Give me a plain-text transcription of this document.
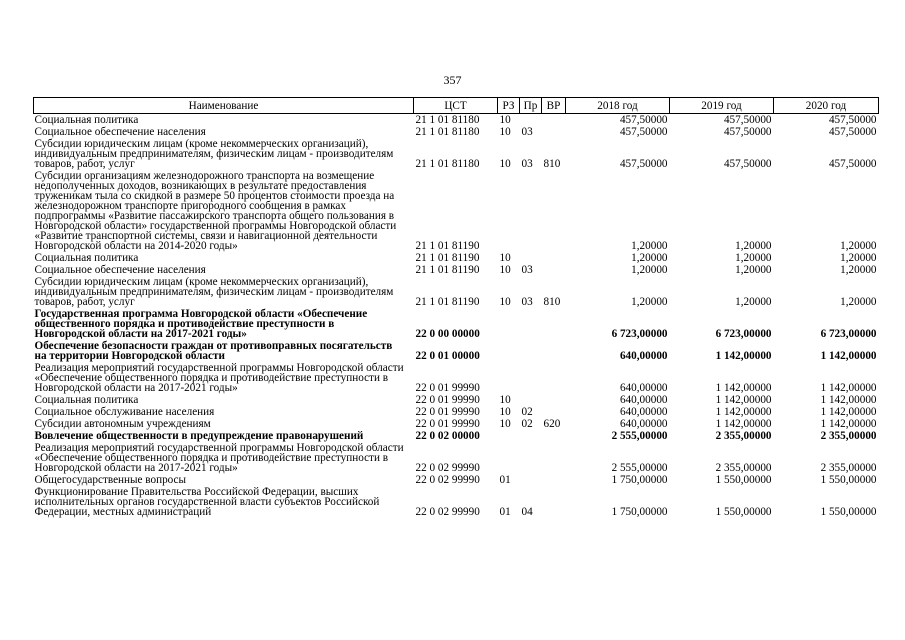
357
Наименование	ЦСТ	РЗ	Пр	ВР	2018 год	2019 год	2020 год
Социальная политика	21 1 01 81180	10			457,50000	457,50000	457,50000
Социальное обеспечение населения	21 1 01 81180	10	03		457,50000	457,50000	457,50000
Субсидии юридическим лицам (кроме некоммерческих организаций), индивидуальным предпринимателям, физическим лицам - производителям товаров, работ, услуг	21 1 01 81180	10	03	810	457,50000	457,50000	457,50000
Субсидии организациям железнодорожного транспорта на возмещение недополученных доходов, возникающих в результате предоставления труженикам тыла со скидкой в размере 50 процентов стоимости проезда на железнодорожном транспорте пригородного сообщения в рамках подпрограммы «Развитие пассажирского транспорта общего пользования в Новгородской области» государственной программы Новгородской области «Развитие транспортной системы, связи и навигационной деятельности Новгородской области на 2014-2020 годы»	21 1 01 81190				1,20000	1,20000	1,20000
Социальная политика	21 1 01 81190	10			1,20000	1,20000	1,20000
Социальное обеспечение населения	21 1 01 81190	10	03		1,20000	1,20000	1,20000
Субсидии юридическим лицам (кроме некоммерческих организаций), индивидуальным предпринимателям, физическим лицам - производителям товаров, работ, услуг	21 1 01 81190	10	03	810	1,20000	1,20000	1,20000
Государственная программа Новгородской области «Обеспечение общественного порядка и противодействие преступности в Новгородской области на 2017-2021 годы»	22 0 00 00000				6 723,00000	6 723,00000	6 723,00000
Обеспечение безопасности граждан от противоправных посягательств на территории Новгородской области	22 0 01 00000				640,00000	1 142,00000	1 142,00000
Реализация мероприятий государственной программы Новгородской области «Обеспечение общественного порядка и противодействие преступности в Новгородской области на 2017-2021 годы»	22 0 01 99990				640,00000	1 142,00000	1 142,00000
Социальная политика	22 0 01 99990	10			640,00000	1 142,00000	1 142,00000
Социальное обслуживание населения	22 0 01 99990	10	02		640,00000	1 142,00000	1 142,00000
Субсидии автономным учреждениям	22 0 01 99990	10	02	620	640,00000	1 142,00000	1 142,00000
Вовлечение общественности в предупреждение правонарушений	22 0 02 00000				2 555,00000	2 355,00000	2 355,00000
Реализация мероприятий государственной программы Новгородской области «Обеспечение общественного порядка и противодействие преступности в Новгородской области на 2017-2021 годы»	22 0 02 99990				2 555,00000	2 355,00000	2 355,00000
Общегосударственные вопросы	22 0 02 99990	01			1 750,00000	1 550,00000	1 550,00000
Функционирование Правительства Российской Федерации, высших исполнительных органов государственной власти субъектов Российской Федерации, местных администраций	22 0 02 99990	01	04		1 750,00000	1 550,00000	1 550,00000
